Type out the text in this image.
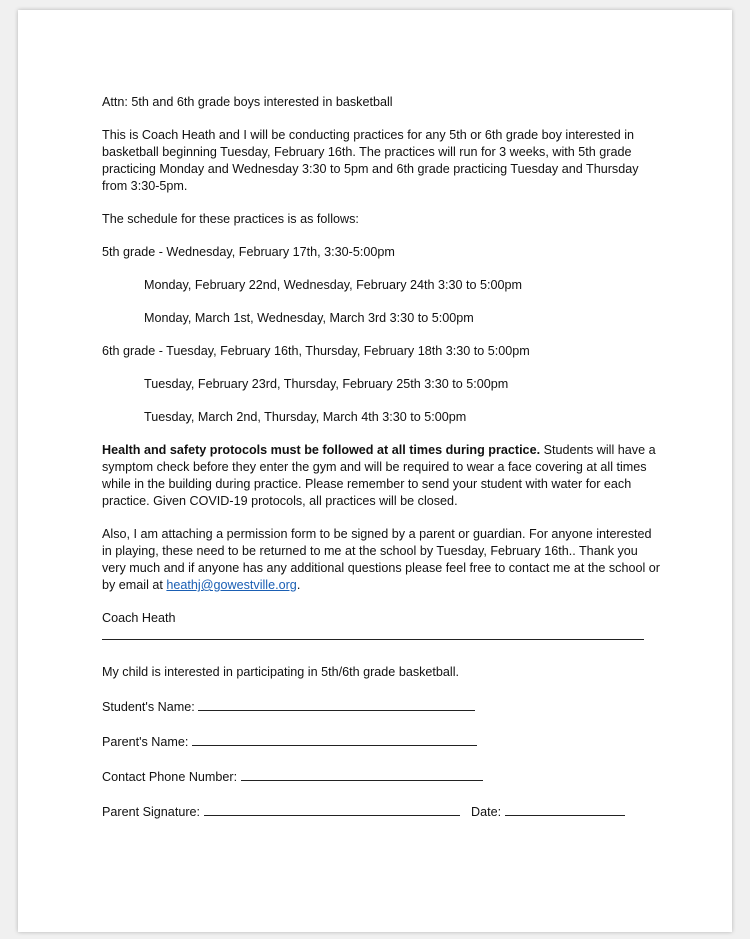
Attn: 5th and 6th grade boys interested in basketball

This is Coach Heath and I will be conducting practices for any 5th or 6th grade boy interested in basketball beginning Tuesday, February 16th. The practices will run for 3 weeks, with 5th grade practicing Monday and Wednesday 3:30 to 5pm and 6th grade practicing Tuesday and Thursday from 3:30-5pm.

The schedule for these practices is as follows:

5th grade - Wednesday, February 17th, 3:30-5:00pm

Monday, February 22nd, Wednesday, February 24th 3:30 to 5:00pm

Monday, March 1st, Wednesday, March 3rd 3:30 to 5:00pm

6th grade - Tuesday, February 16th, Thursday, February 18th 3:30 to 5:00pm

Tuesday, February 23rd, Thursday, February 25th 3:30 to 5:00pm

Tuesday, March 2nd, Thursday, March 4th 3:30 to 5:00pm

Health and safety protocols must be followed at all times during practice. Students will have a symptom check before they enter the gym and will be required to wear a face covering at all times while in the building during practice. Please remember to send your student with water for each practice. Given COVID-19 protocols, all practices will be closed.

Also, I am attaching a permission form to be signed by a parent or guardian. For anyone interested in playing, these need to be returned to me at the school by Tuesday, February 16th.. Thank you very much and if anyone has any additional questions please feel free to contact me at the school or by email at heathj@gowestville.org.

Coach Heath

My child is interested in participating in 5th/6th grade basketball.

Student's Name:

Parent's Name:

Contact Phone Number:

Parent Signature:	Date:
